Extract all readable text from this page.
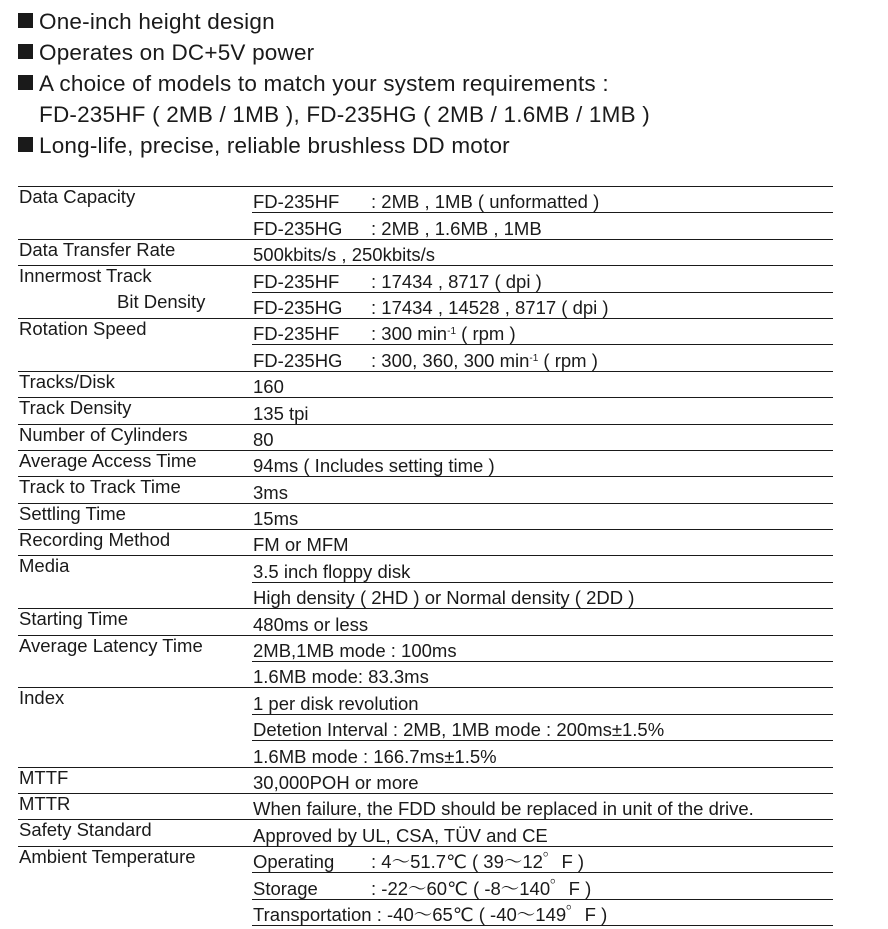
One-inch height design
Operates on DC+5V power
A choice of models to match your system requirements :
FD-235HF ( 2MB / 1MB ), FD-235HG ( 2MB / 1.6MB / 1MB )
Long-life, precise, reliable brushless DD motor
Data Capacity	FD-235HF : 2MB , 1MB ( unformatted )
	FD-235HG : 2MB , 1.6MB , 1MB
Data Transfer Rate	500kbits/s , 250kbits/s
Innermost Track	FD-235HF : 17434 , 8717 ( dpi )

Bit Density	FD-235HG : 17434 , 14528 , 8717 ( dpi )
Rotation Speed	FD-235HF : 300 $\min^{-1}$ ( rpm )
	FD-235HG : 300, 360, 300 $\min^{-1}$ ( rpm )
Tracks/Disk	160
Track Density	135 tpi
Number of Cylinders	80
Average Access Time	94ms ( Includes setting time )
Track to Track Time	3ms
Settling Time	15ms
Recording Method	FM or MFM
Media	3.5 inch floppy disk
	High density ( 2HD ) or Normal density ( 2DD )
Starting Time	480ms or less
Average Latency Time	2MB,1MB mode : 100ms
	1.6MB mode: 83.3ms
Index	1 per disk revolution
	Detetion Interval : 2MB, 1MB mode : 200ms±1.5%
	1.6MB mode : 166.7ms±1.5%
MTTF	30,000POH or more
MTTR	When failure, the FDD should be replaced in unit of the drive.
Safety Standard	Approved by UL, CSA, TÜV and CE
Ambient Temperature	Operating : 4～51.7℃ ( 39～12゜F )
	Storage : -22～60℃ ( -8～140゜F )
	Transportation : -40～65℃ ( -40～149゜F )
